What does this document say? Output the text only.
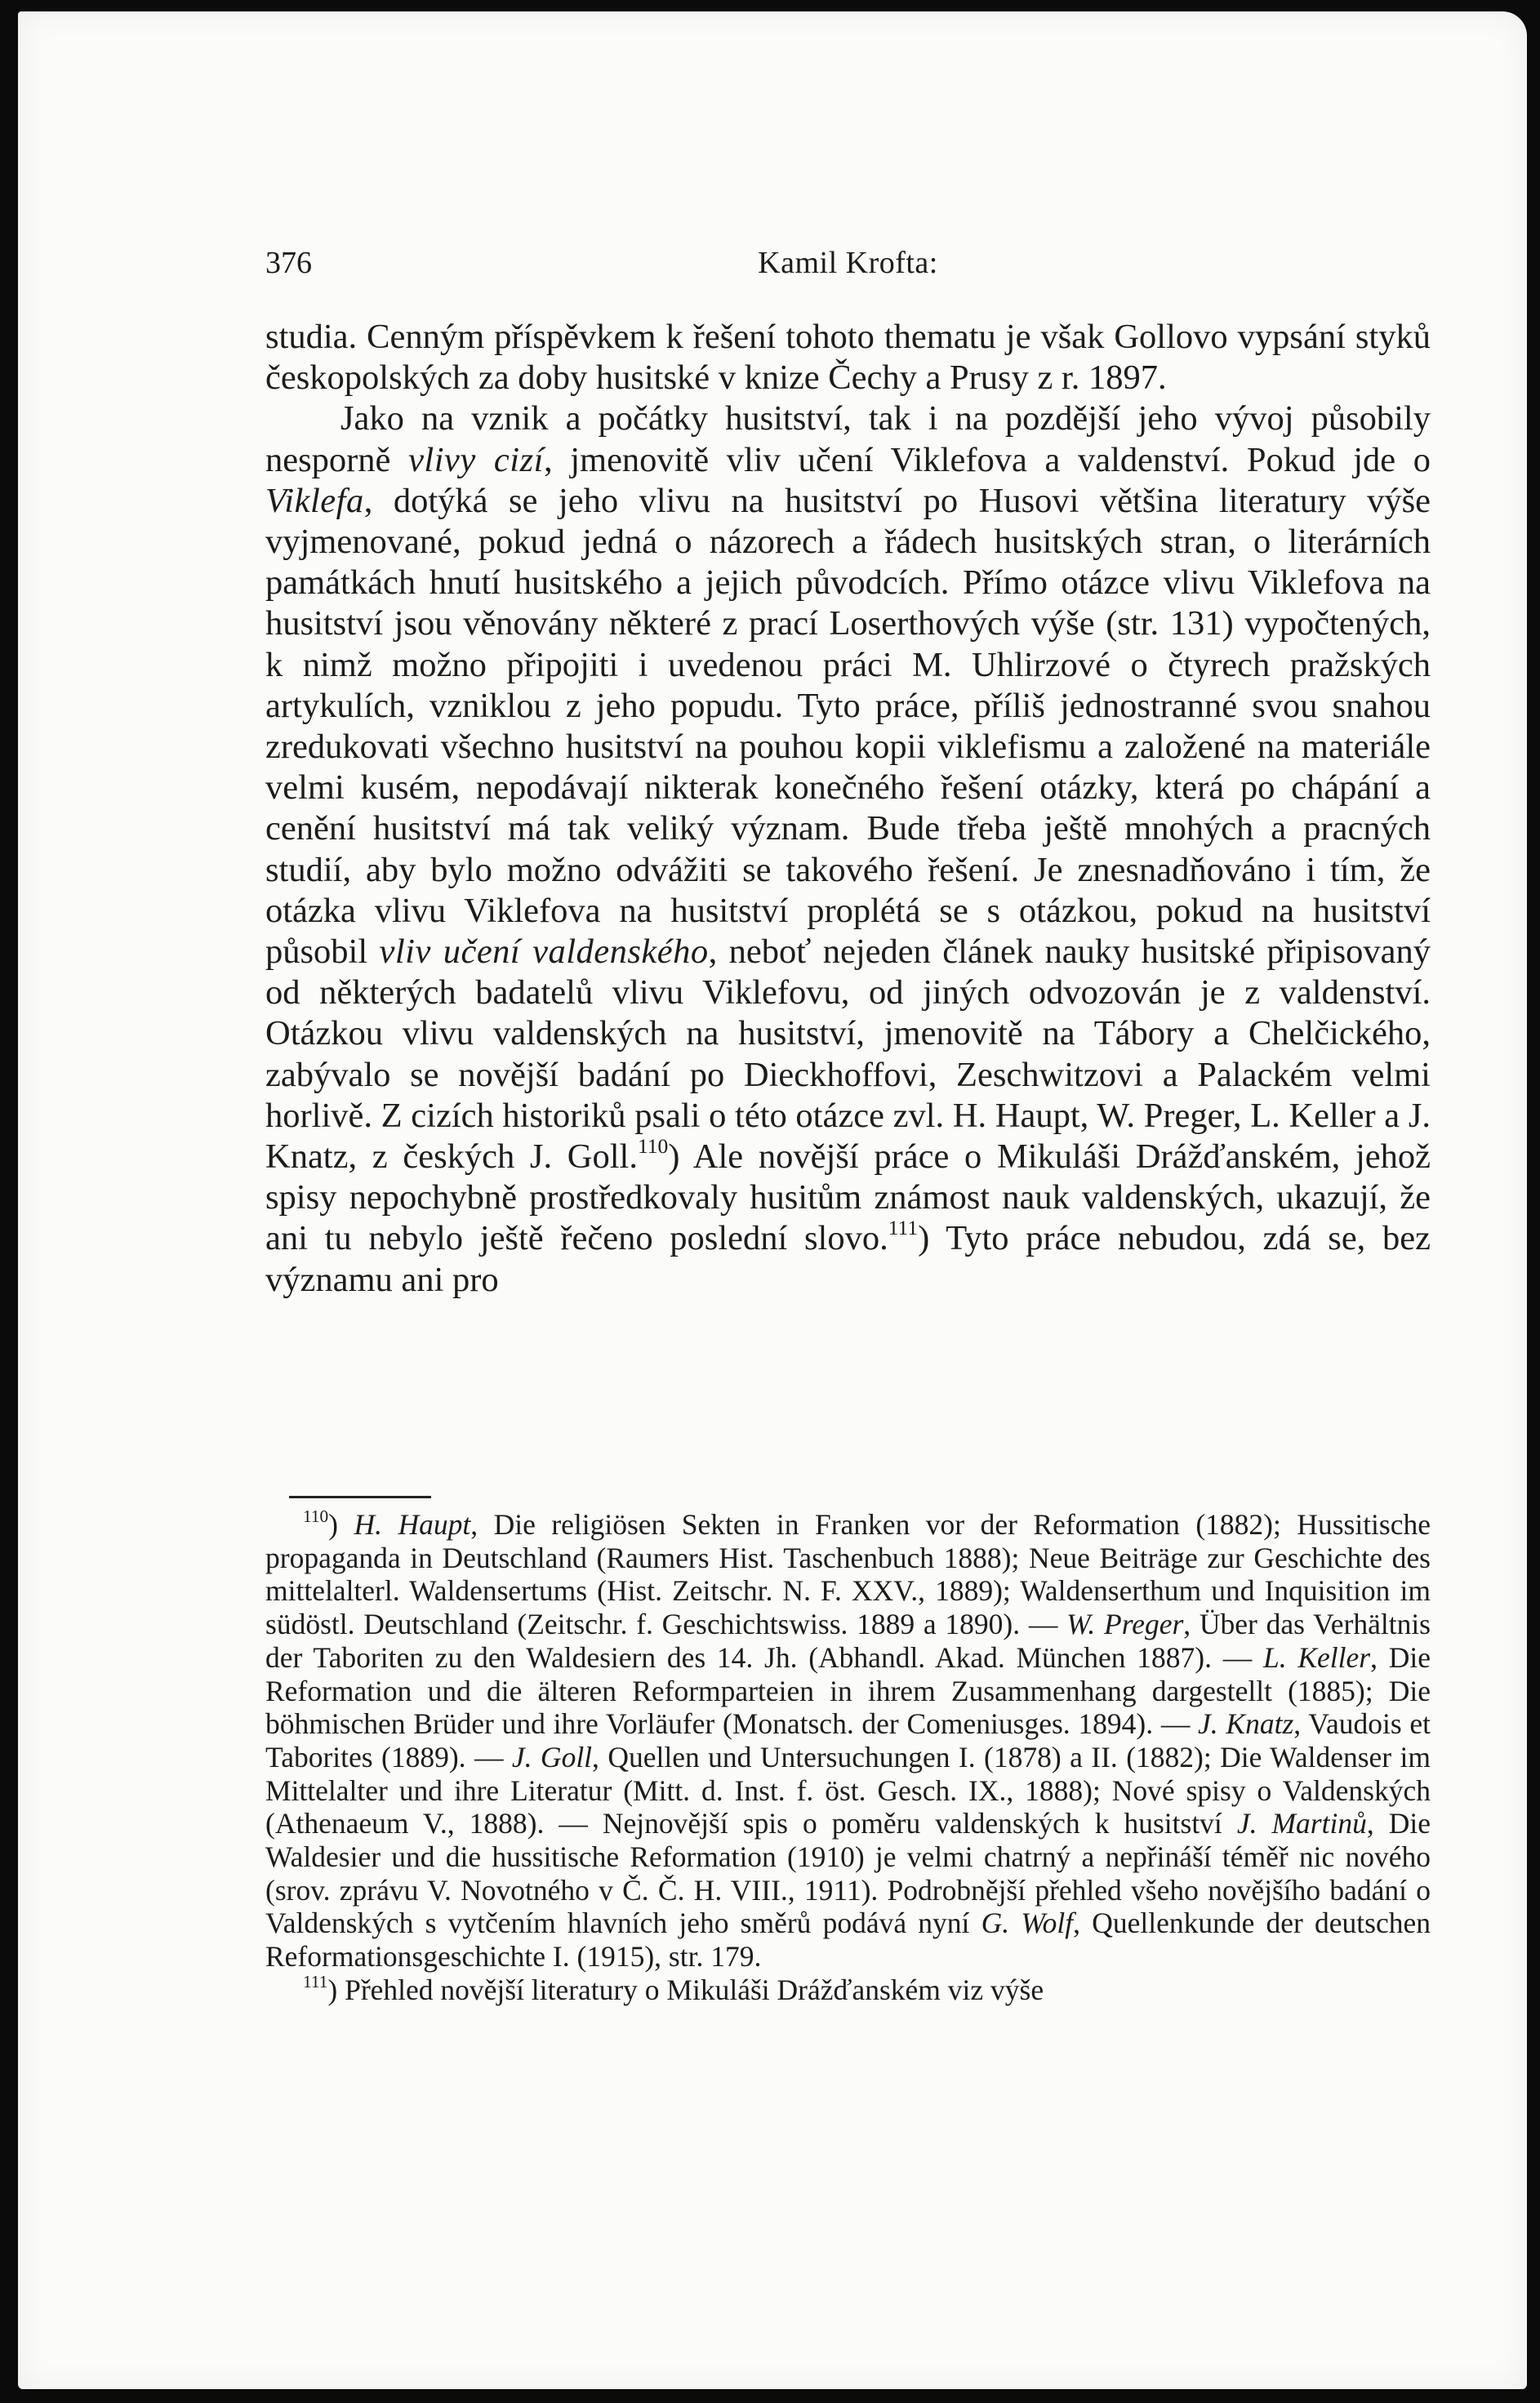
376	Kamil Krofta:

studia. Cenným příspěvkem k řešení tohoto thematu je však Gollovo vypsání styků českopolských za doby husitské v knize Čechy a Prusy z r. 1897.

Jako na vznik a počátky husitství, tak i na pozdější jeho vývoj působily nesporně vlivy cizí, jmenovitě vliv učení Viklefova a valdenství. Pokud jde o Viklefa, dotýká se jeho vlivu na husitství po Husovi většina literatury výše vyjmenované, pokud jedná o názorech a řádech husitských stran, o literárních památkách hnutí husitského a jejich původcích. Přímo otázce vlivu Viklefova na husitství jsou věnovány některé z prací Loserthových výše (str. 131) vypočtených, k nimž možno připojiti i uvedenou práci M. Uhlirzové o čtyrech pražských artykulích, vzniklou z jeho popudu. Tyto práce, příliš jednostranné svou snahou zredukovati všechno husitství na pouhou kopii viklefismu a založené na materiále velmi kusém, nepodávají nikterak konečného řešení otázky, která po chápání a cenění husitství má tak veliký význam. Bude třeba ještě mnohých a pracných studií, aby bylo možno odvážiti se takového řešení. Je znesnadňováno i tím, že otázka vlivu Viklefova na husitství proplétá se s otázkou, pokud na husitství působil vliv učení valdenského, neboť nejeden článek nauky husitské připisovaný od některých badatelů vlivu Viklefovu, od jiných odvozován je z valdenství. Otázkou vlivu valdenských na husitství, jmenovitě na Tábory a Chelčického, zabývalo se novější badání po Dieckhoffovi, Zeschwitzovi a Palackém velmi horlivě. Z cizích historiků psali o této otázce zvl. H. Haupt, W. Preger, L. Keller a J. Knatz, z českých J. Goll.$^{110}$) Ale novější práce o Mikuláši Drážďanském, jehož spisy nepochybně prostředkovaly husitům známost nauk valdenských, ukazují, že ani tu nebylo ještě řečeno poslední slovo.$^{111}$) Tyto práce nebudou, zdá se, bez významu ani pro

$^{110}$) H. Haupt, Die religiösen Sekten in Franken vor der Reformation (1882); Hussitische propaganda in Deutschland (Raumers Hist. Taschenbuch 1888); Neue Beiträge zur Geschichte des mittelalterl. Waldensertums (Hist. Zeitschr. N. F. XXV., 1889); Waldenserthum und Inquisition im südöstl. Deutschland (Zeitschr. f. Geschichtswiss. 1889 a 1890). — W. Preger, Über das Verhältnis der Taboriten zu den Waldesiern des 14. Jh. (Abhandl. Akad. München 1887). — L. Keller, Die Reformation und die älteren Reformparteien in ihrem Zusammenhang dargestellt (1885); Die böhmischen Brüder und ihre Vorläufer (Monatsch. der Comeniusges. 1894). — J. Knatz, Vaudois et Taborites (1889). — J. Goll, Quellen und Untersuchungen I. (1878) a II. (1882); Die Waldenser im Mittelalter und ihre Literatur (Mitt. d. Inst. f. öst. Gesch. IX., 1888); Nové spisy o Valdenských (Athenaeum V., 1888). — Nejnovější spis o poměru valdenských k husitství J. Martinů, Die Waldesier und die hussitische Reformation (1910) je velmi chatrný a nepřináší téměř nic nového (srov. zprávu V. Novotného v Č. Č. H. VIII., 1911). Podrobnější přehled všeho novějšího badání o Valdenských s vytčením hlavních jeho směrů podává nyní G. Wolf, Quellenkunde der deutschen Reformationsgeschichte I. (1915), str. 179.

$^{111}$) Přehled novější literatury o Mikuláši Drážďanském viz výše
